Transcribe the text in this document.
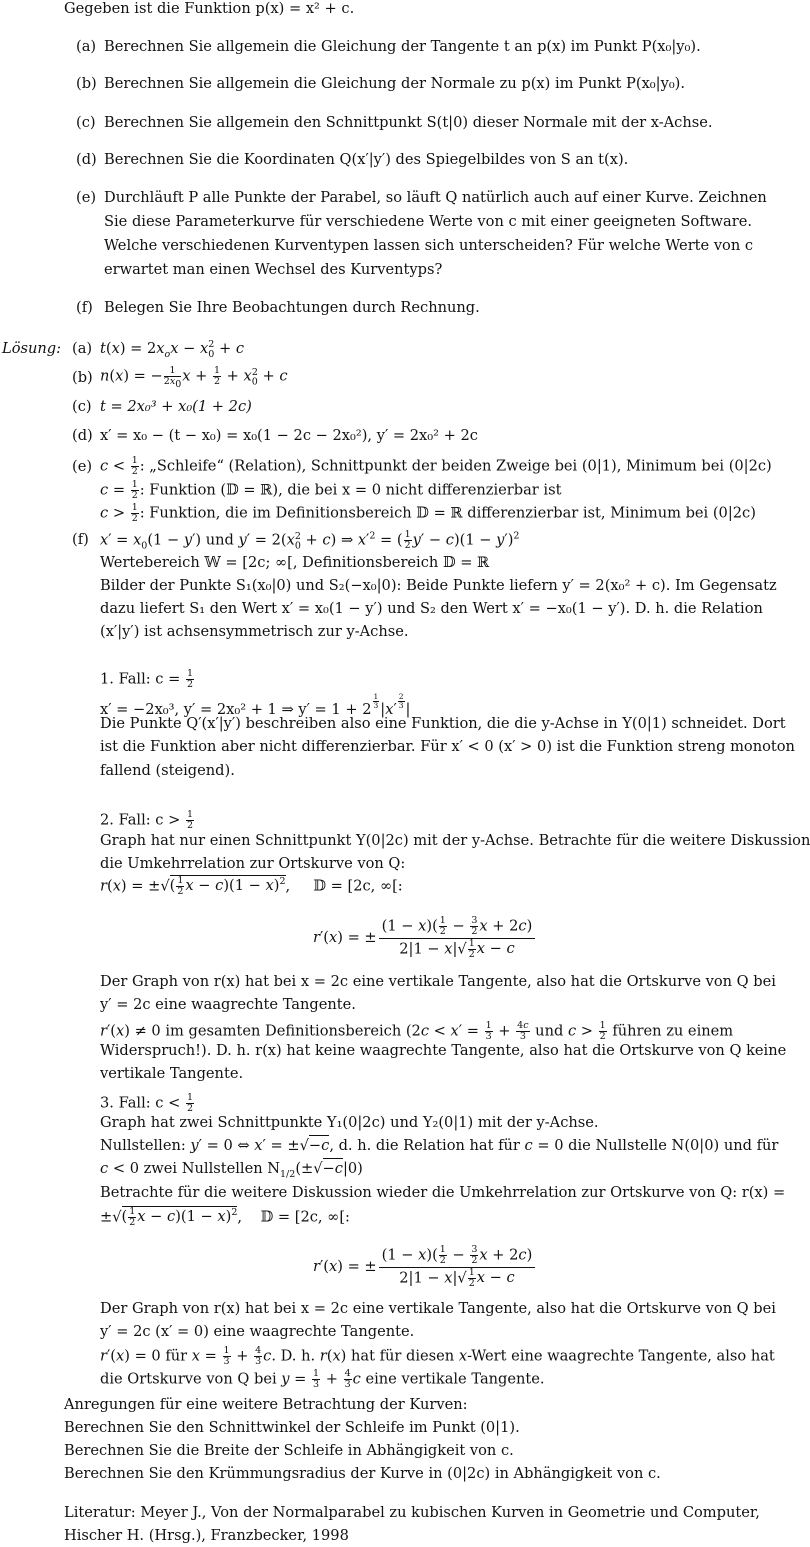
Gegeben ist die Funktion p(x) = x² + c.
(a) Berechnen Sie allgemein die Gleichung der Tangente t an p(x) im Punkt P(x₀|y₀).
(b) Berechnen Sie allgemein die Gleichung der Normale zu p(x) im Punkt P(x₀|y₀).
(c) Berechnen Sie allgemein den Schnittpunkt S(t|0) dieser Normale mit der x-Achse.
(d) Berechnen Sie die Koordinaten Q(x′|y′) des Spiegelbildes von S an t(x).
(e) Durchläuft P alle Punkte der Parabel, so läuft Q natürlich auch auf einer Kurve. Zeichnen
Sie diese Parameterkurve für verschiedene Werte von c mit einer geeigneten Software.
Welche verschiedenen Kurventypen lassen sich unterscheiden? Für welche Werte von c
erwartet man einen Wechsel des Kurventyps?
(f) Belegen Sie Ihre Beobachtungen durch Rechnung.
Lösung: (a) $t(x) = 2x_ox - x^2_0 + c$
(b) n(x) = − $\frac{1}{2x_0}$ $x + \frac{1}{2} + x_0^2 + c$
(c) t = 2x₀³ + x₀(1 + 2c)
(d) x′ = x₀ − (t − x₀) = x₀(1 − 2c − 2x₀²), y′ = 2x₀² + 2c
(e) $c < \frac{1}{2}$ : „Schleife“ (Relation), Schnittpunkt der beiden Zweige bei (0|1), Minimum bei (0|2c)
$c = \frac{1}{2}$ : Funktion (𝔻 = ℝ), die bei x = 0 nicht differenzierbar ist
$c > \frac{1}{2}$ : Funktion, die im Definitionsbereich 𝔻 = ℝ differenzierbar ist, Minimum bei (0|2c)
(f) $x' = x_0(1 - y')$ und $y' = 2(x_0^2 + c)$ ⇒ $x'^2$ = ( $\frac{1}{2} y' - c)(1 - y')^2$
Wertebereich 𝕎 = [2c; ∞[, Definitionsbereich 𝔻 = ℝ
Bilder der Punkte S₁(x₀|0) und S₂(−x₀|0): Beide Punkte liefern y′ = 2(x₀² + c). Im Gegensatz
dazu liefert S₁ den Wert x′ = x₀(1 − y′) und S₂ den Wert x′ = −x₀(1 − y′). D. h. die Relation
(x′|y′) ist achsensymmetrisch zur y-Achse.
1. Fall: $c = \frac{1}{2}$
x′ = −2x₀³, y′ = 2x₀² + 1 ⇒ $y' = 1 + 2 \frac{1}{3} |x' \frac{2}{3}$ |
Die Punkte Q′(x′|y′) beschreiben also eine Funktion, die die y-Achse in Y(0|1) schneidet. Dort
ist die Funktion aber nicht differenzierbar. Für x′ < 0 (x′ > 0) ist die Funktion streng monoton
fallend (steigend).
2. Fall: $c > \frac{1}{2}$
Graph hat nur einen Schnittpunkt Y(0|2c) mit der y-Achse. Betrachte für die weitere Diskussion
die Umkehrrelation zur Ortskurve von Q:
r(x) = ±√( $\frac{1}{2}$ $x - c)(1 - x)^2$,     𝔻 = [2c, ∞[:
r′(x) = ± $\frac{(1 - x)( \frac{1}{2} - \frac{3}{2} x + 2c)}{2|1 - x|√ \frac{1}{2} x - c}$
Der Graph von r(x) hat bei x = 2c eine vertikale Tangente, also hat die Ortskurve von Q bei
y′ = 2c eine waagrechte Tangente.
r′(x) ≠ 0 im gesamten Definitionsbereich ($2c < x' = \frac{1}{3} + \frac{4c}{3}$ und $c > \frac{1}{2}$ führen zu einem
Widerspruch!). D. h. r(x) hat keine waagrechte Tangente, also hat die Ortskurve von Q keine
vertikale Tangente.
3. Fall: $c < \frac{1}{2}$
Graph hat zwei Schnittpunkte Y₁(0|2c) und Y₂(0|1) mit der y-Achse.
Nullstellen: y′ = 0 ⇔ x′ = ±√−c, d. h. die Relation hat für c = 0 die Nullstelle N(0|0) und für
c < 0 zwei Nullstellen $N_{1/2}(\pm√-c|0)$
Betrachte für die weitere Diskussion wieder die Umkehrrelation zur Ortskurve von Q: r(x) =
±√( $\frac{1}{2}$ $x - c)(1 - x)^2$,    𝔻 = [2c, ∞[:
r′(x) = ± $\frac{(1 - x)( \frac{1}{2} - \frac{3}{2} x + 2c)}{2|1 - x|√ \frac{1}{2} x - c}$
Der Graph von r(x) hat bei x = 2c eine vertikale Tangente, also hat die Ortskurve von Q bei
y′ = 2c (x′ = 0) eine waagrechte Tangente.
r′(x) = 0 für $x = \frac{1}{3} + \frac{4}{3} c$. D. h. r(x) hat für diesen x-Wert eine waagrechte Tangente, also hat
die Ortskurve von Q bei $y = \frac{1}{3} + \frac{4}{3}$ c eine vertikale Tangente.
Anregungen für eine weitere Betrachtung der Kurven:
Berechnen Sie den Schnittwinkel der Schleife im Punkt (0|1).
Berechnen Sie die Breite der Schleife in Abhängigkeit von c.
Berechnen Sie den Krümmungsradius der Kurve in (0|2c) in Abhängigkeit von c.
Literatur: Meyer J., Von der Normalparabel zu kubischen Kurven in Geometrie und Computer,
Hischer H. (Hrsg.), Franzbecker, 1998
